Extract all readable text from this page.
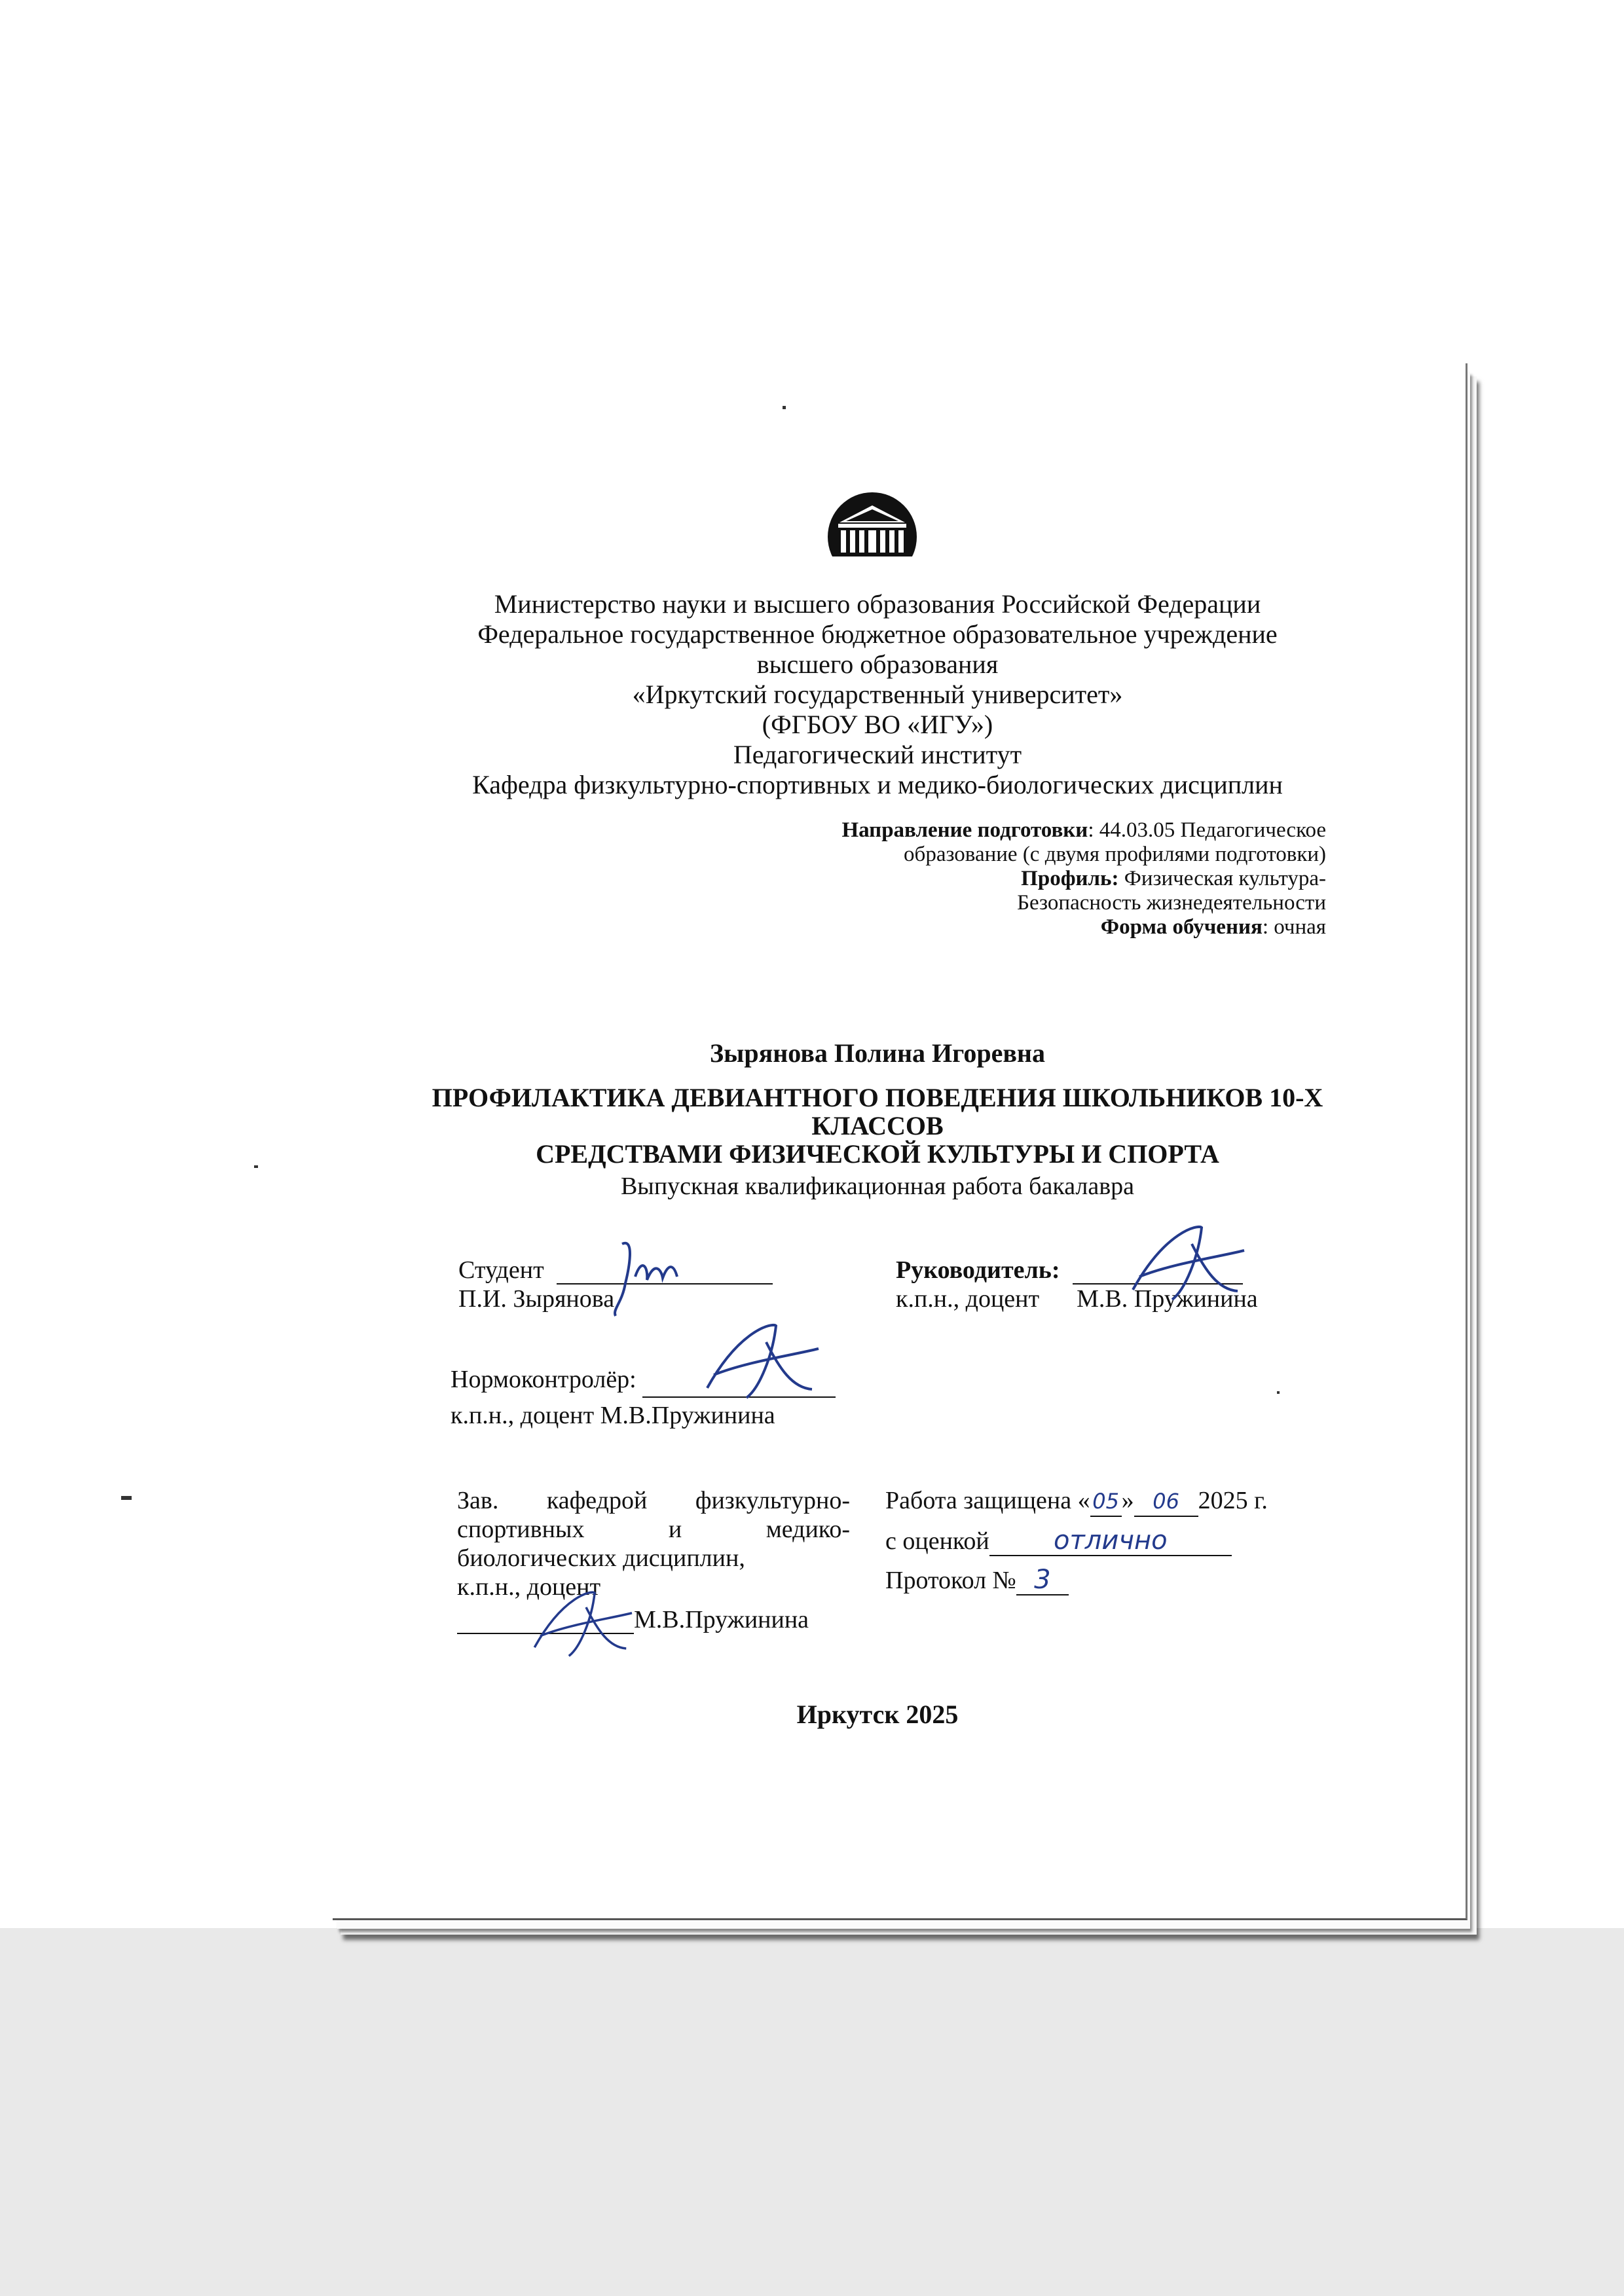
Министерство науки и высшего образования Российской Федерации
Федеральное государственное бюджетное образовательное учреждение
высшего образования
«Иркутский государственный университет»
(ФГБОУ ВО «ИГУ»)
Педагогический институт
Кафедра физкультурно-спортивных и медико-биологических дисциплин
Направление подготовки: 44.03.05 Педагогическое
образование (с двумя профилями подготовки)
Профиль: Физическая культура-
Безопасность жизнедеятельности
Форма обучения: очная
Зырянова Полина Игоревна
ПРОФИЛАКТИКА ДЕВИАНТНОГО ПОВЕДЕНИЯ ШКОЛЬНИКОВ 10-Х
КЛАССОВ
СРЕДСТВАМИ ФИЗИЧЕСКОЙ КУЛЬТУРЫ И СПОРТА
Выпускная квалификационная работа бакалавра
Студент
П.И. Зырянова
Руководитель:
к.п.н., доцент М.В. Пружинина
Нормоконтролёр:
к.п.н., доцент М.В.Пружинина
Зав. кафедрой физкультурно-
спортивных и медико-
биологических дисциплин,
к.п.н., доцент
М.В.Пружинина
Работа защищена « 05» 06 2025 г.
с оценкой отлично
Протокол № 3
Иркутск 2025
